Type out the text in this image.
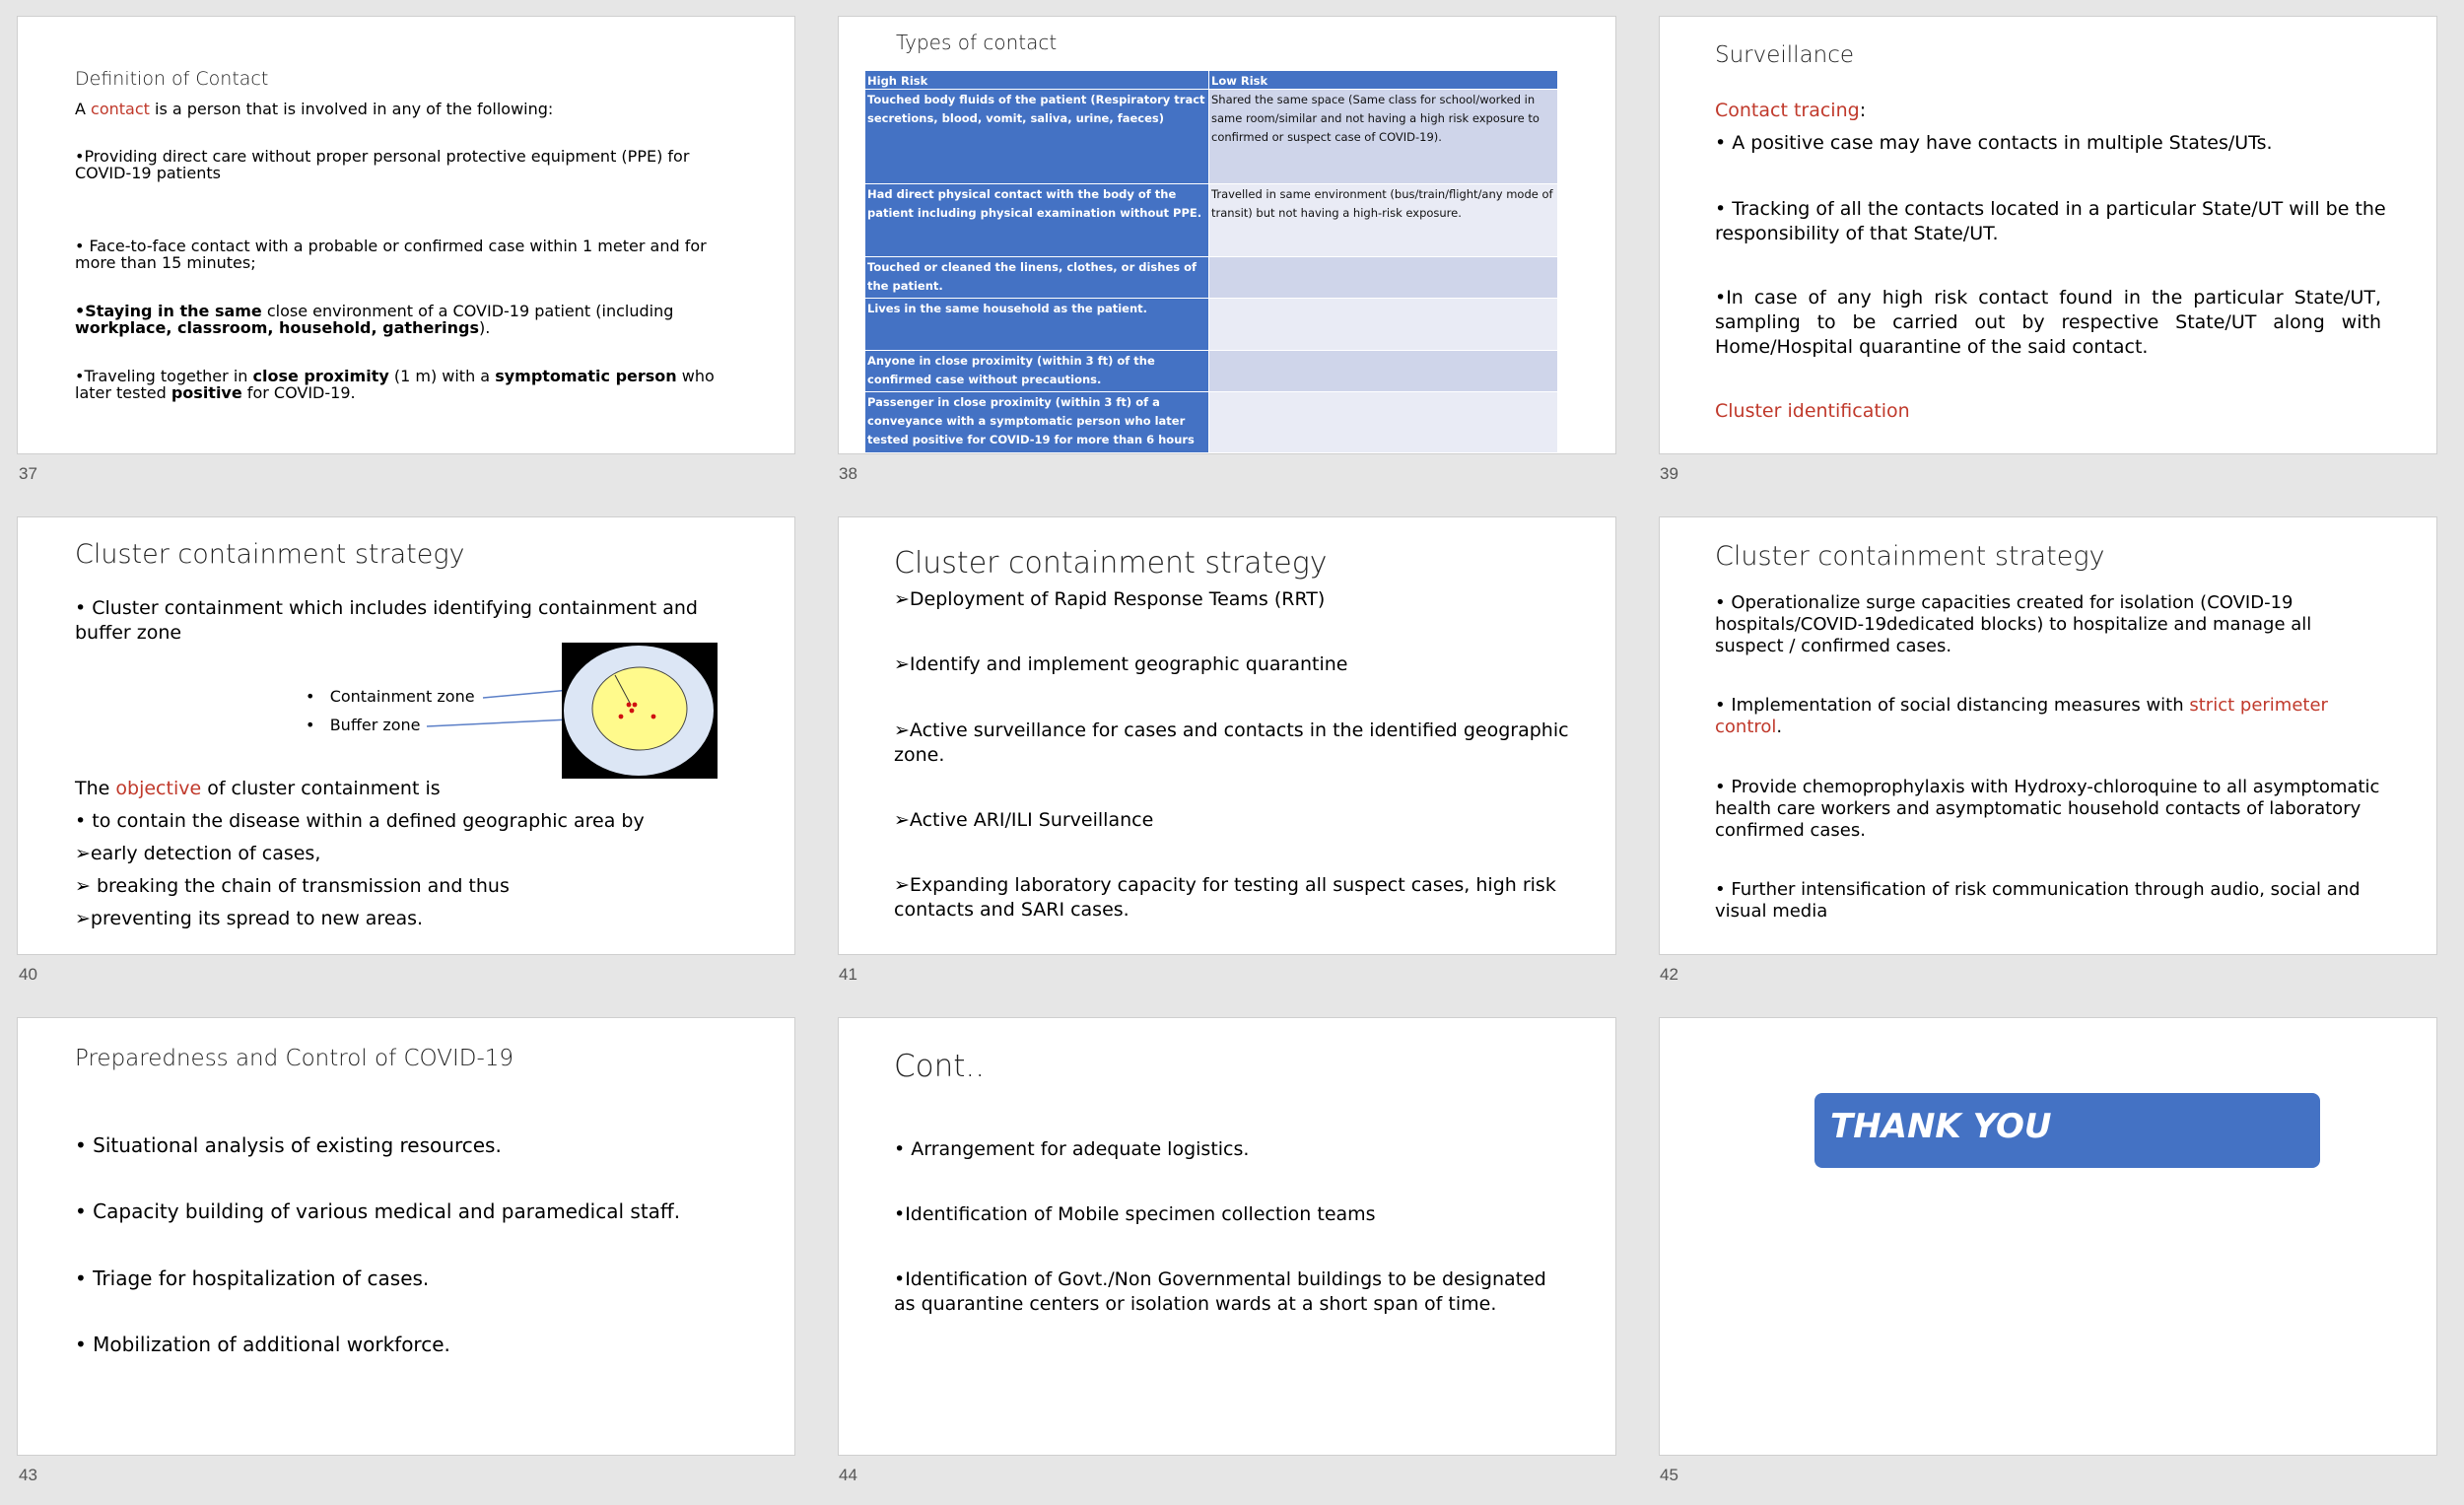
Definition of Contact
A contact is a person that is involved in any of the following:
•Providing direct care without proper personal protective equipment (PPE) for COVID-19 patients
• Face-to-face contact with a probable or confirmed case within 1 meter and for more than 15 minutes;
•Staying in the same close environment of a COVID-19 patient (including workplace, classroom, household, gatherings).
•Traveling together in close proximity (1 m) with a symptomatic person who later tested positive for COVID-19.
37
Types of contact
High Risk	Low Risk
Touched body fluids of the patient (Respiratory tract secretions, blood, vomit, saliva, urine, faeces)
Shared the same space (Same class for school/worked in same room/similar and not having a high risk exposure to confirmed or suspect case of COVID-19).
Had direct physical contact with the body of the patient including physical examination without PPE.
Travelled in same environment (bus/train/flight/any mode of transit) but not having a high-risk exposure.
Touched or cleaned the linens, clothes, or dishes of the patient.
Lives in the same household as the patient.
Anyone in close proximity (within 3 ft) of the confirmed case without precautions.
Passenger in close proximity (within 3 ft) of a conveyance with a symptomatic person who later tested positive for COVID-19 for more than 6 hours
38
Surveillance
Contact tracing:
• A positive case may have contacts in multiple States/UTs.
• Tracking of all the contacts located in a particular State/UT will be the responsibility of that State/UT.
•In case of any high risk contact found in the particular State/UT, sampling to be carried out by respective State/UT along with Home/Hospital quarantine of the said contact.
Cluster identification
39
Cluster containment strategy
• Cluster containment which includes identifying containment and buffer zone
•   Containment zone
•   Buffer zone
The objective of cluster containment is
• to contain the disease within a defined geographic area by
➢early detection of cases,
➢ breaking the chain of transmission and thus
➢preventing its spread to new areas.
40
Cluster containment strategy
➢Deployment of Rapid Response Teams (RRT)
➢Identify and implement geographic quarantine
➢Active surveillance for cases and contacts in the identified geographic zone.
➢Active ARI/ILI Surveillance
➢Expanding laboratory capacity for testing all suspect cases, high risk contacts and SARI cases.
41
Cluster containment strategy
• Operationalize surge capacities created for isolation (COVID-19 hospitals/COVID-19dedicated blocks) to hospitalize and manage all suspect / confirmed cases.
• Implementation of social distancing measures with strict perimeter control.
• Provide chemoprophylaxis with Hydroxy-chloroquine to all asymptomatic health care workers and asymptomatic household contacts of laboratory confirmed cases.
• Further intensification of risk communication through audio, social and visual media
42
Preparedness and Control of COVID-19
• Situational analysis of existing resources.
• Capacity building of various medical and paramedical staff.
• Triage for hospitalization of cases.
• Mobilization of additional workforce.
43
Cont..
• Arrangement for adequate logistics.
•Identification of Mobile specimen collection teams
•Identification of Govt./Non Governmental buildings to be designated as quarantine centers or isolation wards at a short span of time.
44
THANK YOU
45
